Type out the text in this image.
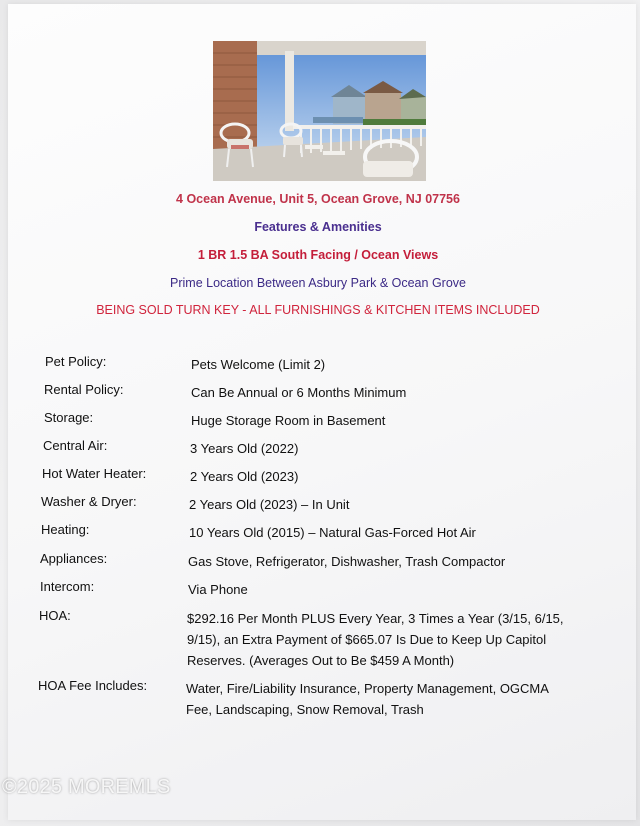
4 Ocean Avenue, Unit 5, Ocean Grove, NJ 07756
Features & Amenities
1 BR 1.5 BA South Facing / Ocean Views
Prime Location Between Asbury Park & Ocean Grove
BEING SOLD TURN KEY - ALL FURNISHINGS & KITCHEN ITEMS INCLUDED
Pet Policy:	Pets Welcome (Limit 2)
Rental Policy:	Can Be Annual or 6 Months Minimum
Storage:	Huge Storage Room in Basement
Central Air:	3 Years Old (2022)
Hot Water Heater:	2 Years Old (2023)
Washer & Dryer:	2 Years Old (2023) – In Unit
Heating:	10 Years Old (2015) – Natural Gas-Forced Hot Air
Appliances:	Gas Stove, Refrigerator, Dishwasher, Trash Compactor
Intercom:	Via Phone
HOA:	$292.16 Per Month PLUS Every Year, 3 Times a Year (3/15, 6/15,
9/15), an Extra Payment of $665.07 Is Due to Keep Up Capitol
Reserves. (Averages Out to Be $459 A Month)
HOA Fee Includes:	Water, Fire/Liability Insurance, Property Management, OGCMA
Fee, Landscaping, Snow Removal, Trash
©2025 MOREMLS
